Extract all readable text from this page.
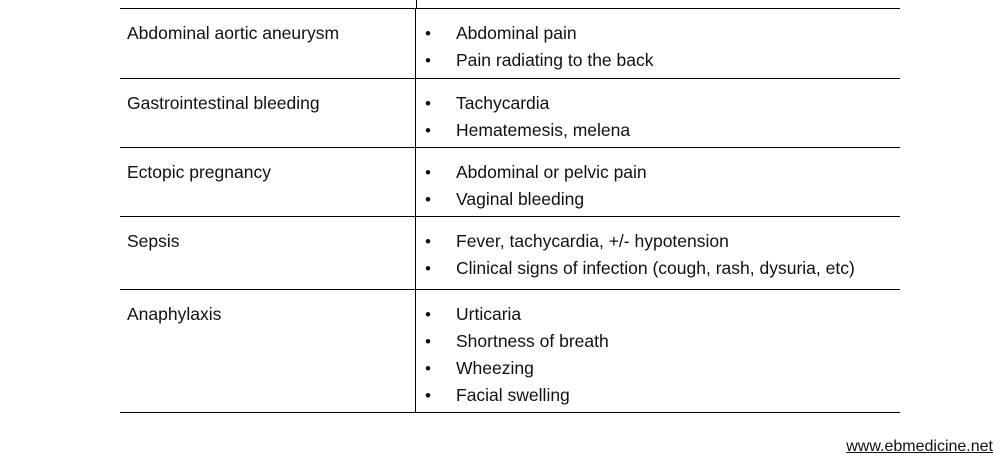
Abdominal aortic aneurysm	• Abdominal pain
• Pain radiating to the back
Gastrointestinal bleeding	• Tachycardia
• Hematemesis, melena
Ectopic pregnancy	• Abdominal or pelvic pain
• Vaginal bleeding
Sepsis	• Fever, tachycardia, +/- hypotension
• Clinical signs of infection (cough, rash, dysuria, etc)
Anaphylaxis	• Urticaria
• Shortness of breath
• Wheezing
• Facial swelling
www.ebmedicine.net
